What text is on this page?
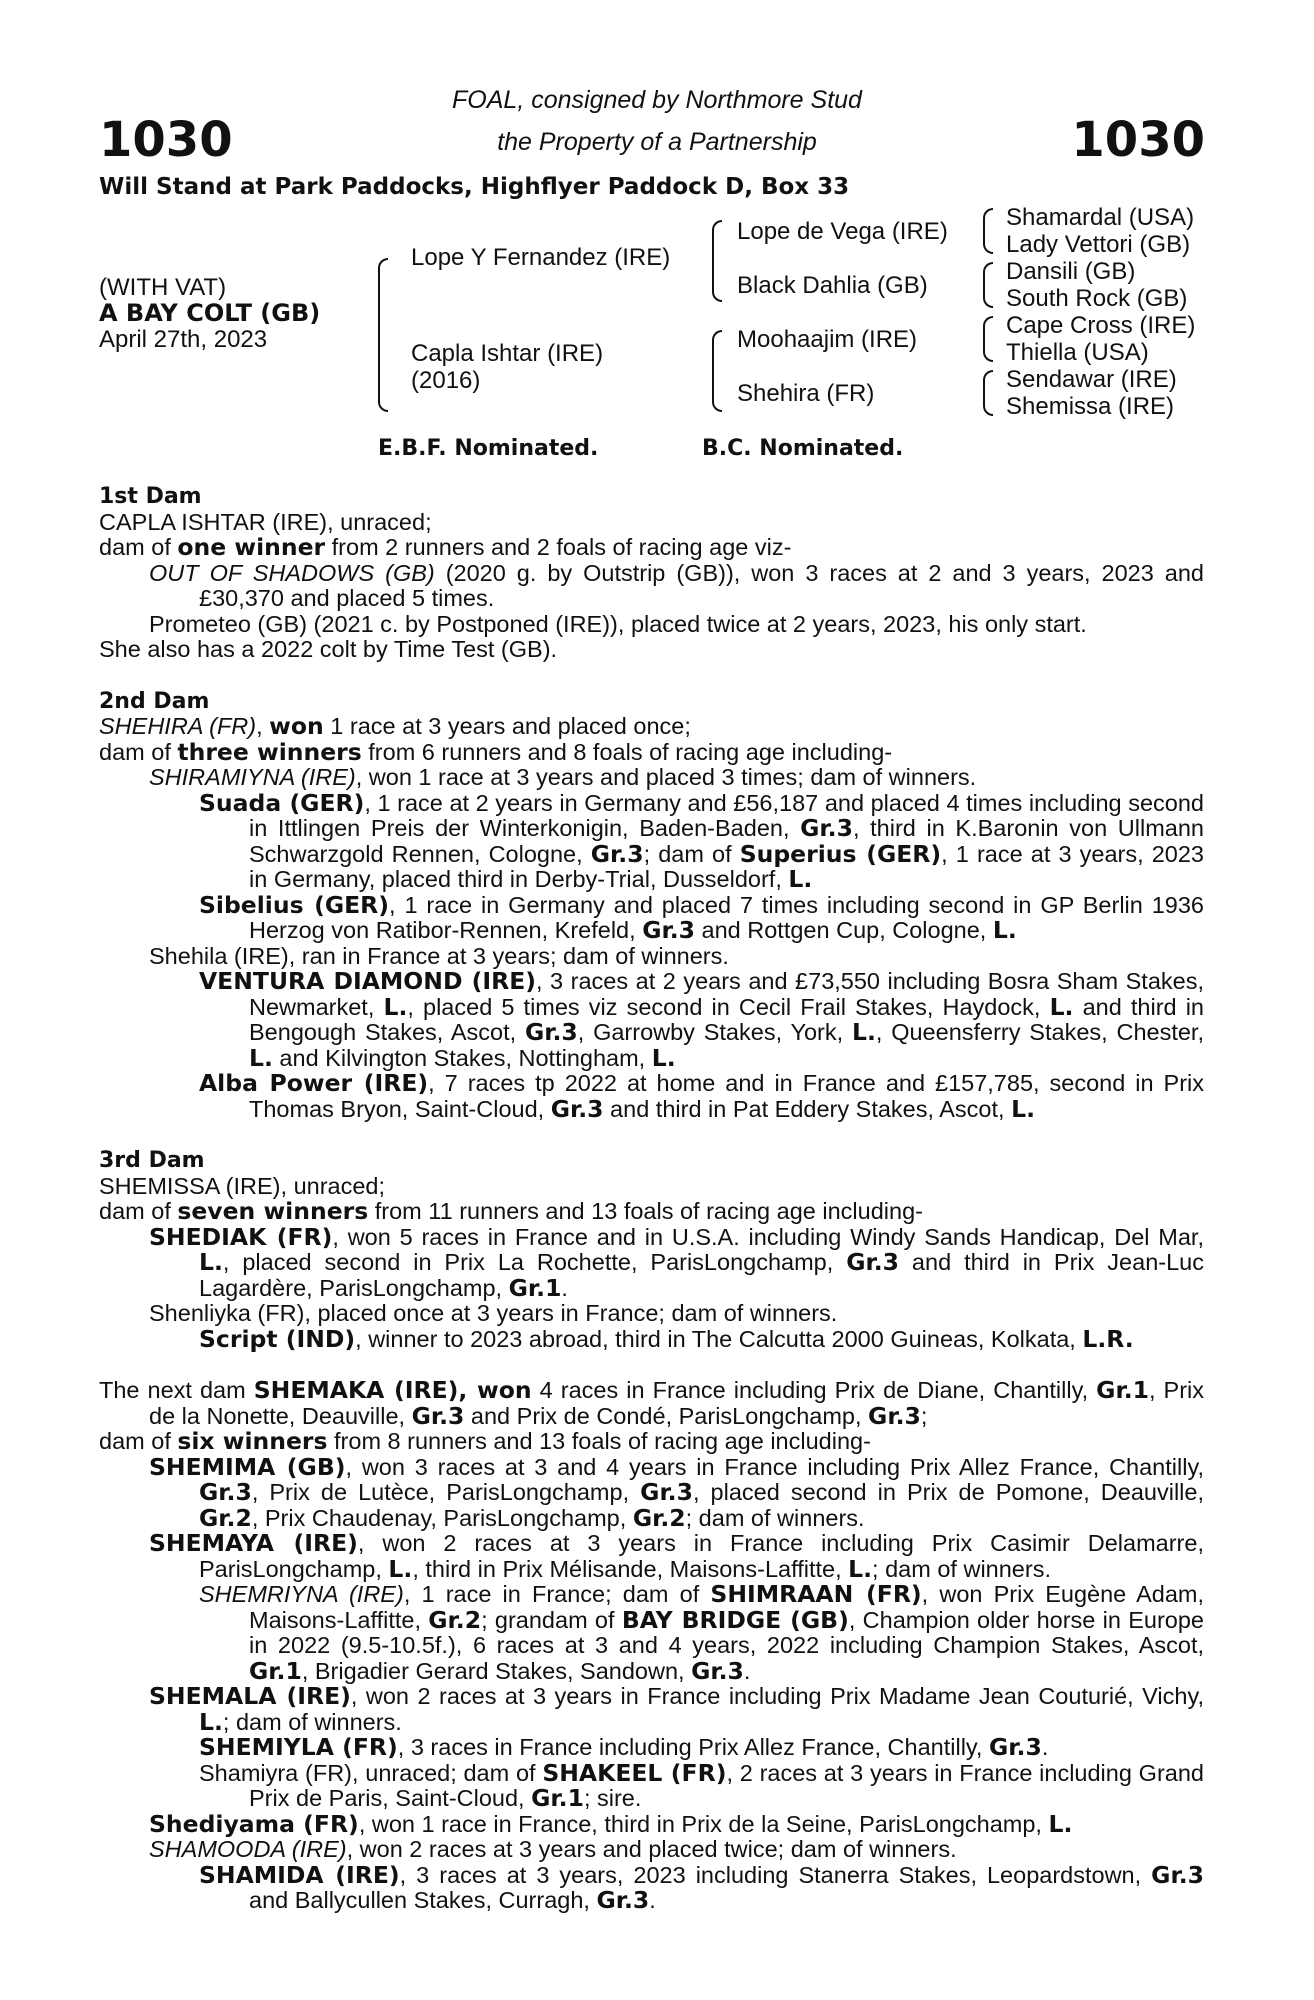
1030	1030
FOAL, consigned by Northmore Stud
the Property of a Partnership
Will Stand at Park Paddocks, Highflyer Paddock D, Box 33
(WITH VAT)
A BAY COLT (GB)
April 27th, 2023
Lope Y Fernandez (IRE)
Capla Ishtar (IRE)
(2016)
Lope de Vega (IRE)
Black Dahlia (GB)
Moohaajim (IRE)
Shehira (FR)
Shamardal (USA)
Lady Vettori (GB)
Dansili (GB)
South Rock (GB)
Cape Cross (IRE)
Thiella (USA)
Sendawar (IRE)
Shemissa (IRE)
E.B.F. Nominated.	B.C. Nominated.

1st Dam

CAPLA ISHTAR (IRE), unraced;

dam of one winner from 2 runners and 2 foals of racing age viz-

OUT OF SHADOWS (GB) (2020 g. by Outstrip (GB)), won 3 races at 2 and 3 years, 2023 and £30,370 and placed 5 times.

Prometeo (GB) (2021 c. by Postponed (IRE)), placed twice at 2 years, 2023, his only start.

She also has a 2022 colt by Time Test (GB).

2nd Dam

SHEHIRA (FR), won 1 race at 3 years and placed once;

dam of three winners from 6 runners and 8 foals of racing age including-

SHIRAMIYNA (IRE), won 1 race at 3 years and placed 3 times; dam of winners.

Suada (GER), 1 race at 2 years in Germany and £56,187 and placed 4 times including second in Ittlingen Preis der Winterkonigin, Baden-Baden, Gr.3, third in K.Baronin von Ullmann Schwarzgold Rennen, Cologne, Gr.3; dam of Superius (GER), 1 race at 3 years, 2023 in Germany, placed third in Derby-Trial, Dusseldorf, L.

Sibelius (GER), 1 race in Germany and placed 7 times including second in GP Berlin 1936 Herzog von Ratibor-Rennen, Krefeld, Gr.3 and Rottgen Cup, Cologne, L.

Shehila (IRE), ran in France at 3 years; dam of winners.

VENTURA DIAMOND (IRE), 3 races at 2 years and £73,550 including Bosra Sham Stakes, Newmarket, L., placed 5 times viz second in Cecil Frail Stakes, Haydock, L. and third in Bengough Stakes, Ascot, Gr.3, Garrowby Stakes, York, L., Queensferry Stakes, Chester, L. and Kilvington Stakes, Nottingham, L.

Alba Power (IRE), 7 races tp 2022 at home and in France and £157,785, second in Prix Thomas Bryon, Saint-Cloud, Gr.3 and third in Pat Eddery Stakes, Ascot, L.

3rd Dam

SHEMISSA (IRE), unraced;

dam of seven winners from 11 runners and 13 foals of racing age including-

SHEDIAK (FR), won 5 races in France and in U.S.A. including Windy Sands Handicap, Del Mar, L., placed second in Prix La Rochette, ParisLongchamp, Gr.3 and third in Prix Jean-Luc Lagardère, ParisLongchamp, Gr.1.

Shenliyka (FR), placed once at 3 years in France; dam of winners.

Script (IND), winner to 2023 abroad, third in The Calcutta 2000 Guineas, Kolkata, L.R.

The next dam SHEMAKA (IRE), won 4 races in France including Prix de Diane, Chantilly, Gr.1, Prix de la Nonette, Deauville, Gr.3 and Prix de Condé, ParisLongchamp, Gr.3;

dam of six winners from 8 runners and 13 foals of racing age including-

SHEMIMA (GB), won 3 races at 3 and 4 years in France including Prix Allez France, Chantilly, Gr.3, Prix de Lutèce, ParisLongchamp, Gr.3, placed second in Prix de Pomone, Deauville, Gr.2, Prix Chaudenay, ParisLongchamp, Gr.2; dam of winners.

SHEMAYA (IRE), won 2 races at 3 years in France including Prix Casimir Delamarre, ParisLongchamp, L., third in Prix Mélisande, Maisons-Laffitte, L.; dam of winners.

SHEMRIYNA (IRE), 1 race in France; dam of SHIMRAAN (FR), won Prix Eugène Adam, Maisons-Laffitte, Gr.2; grandam of BAY BRIDGE (GB), Champion older horse in Europe in 2022 (9.5-10.5f.), 6 races at 3 and 4 years, 2022 including Champion Stakes, Ascot, Gr.1, Brigadier Gerard Stakes, Sandown, Gr.3.

SHEMALA (IRE), won 2 races at 3 years in France including Prix Madame Jean Couturié, Vichy, L.; dam of winners.

SHEMIYLA (FR), 3 races in France including Prix Allez France, Chantilly, Gr.3.

Shamiyra (FR), unraced; dam of SHAKEEL (FR), 2 races at 3 years in France including Grand Prix de Paris, Saint-Cloud, Gr.1; sire.

Shediyama (FR), won 1 race in France, third in Prix de la Seine, ParisLongchamp, L.

SHAMOODA (IRE), won 2 races at 3 years and placed twice; dam of winners.

SHAMIDA (IRE), 3 races at 3 years, 2023 including Stanerra Stakes, Leopardstown, Gr.3 and Ballycullen Stakes, Curragh, Gr.3.
